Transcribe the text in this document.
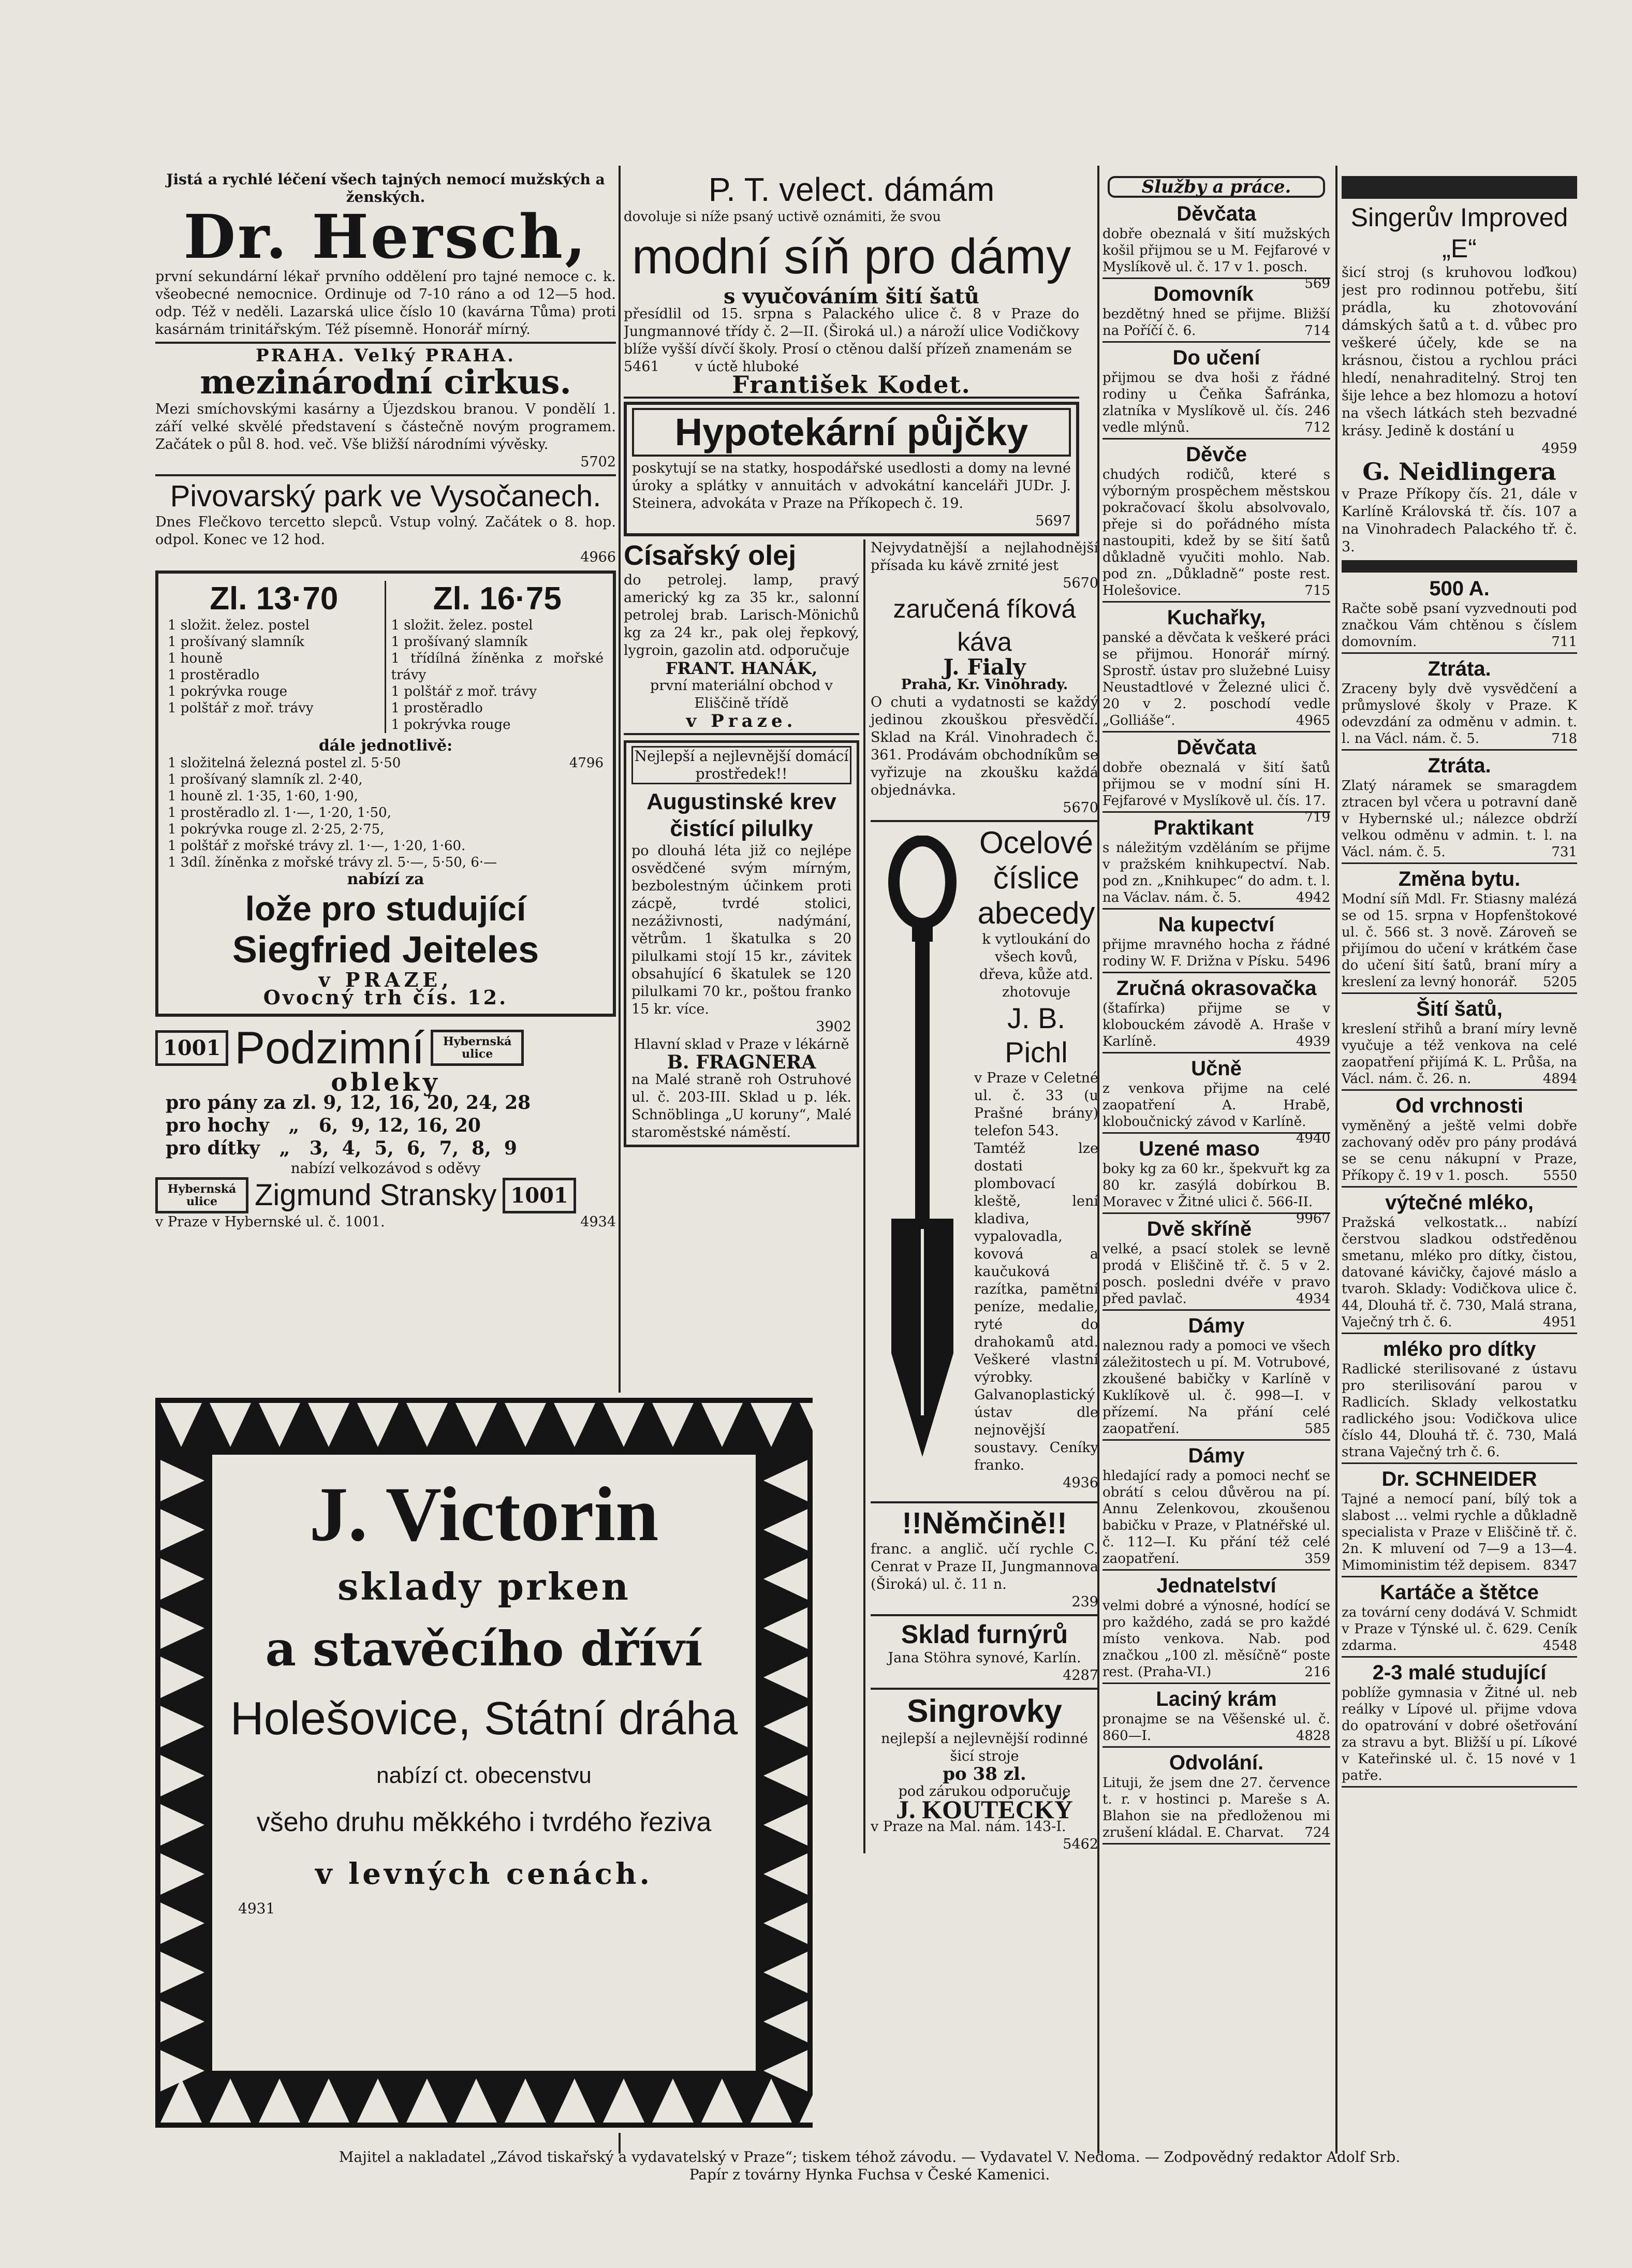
Jistá a rychlé léčení všech tajných nemocí mužských a ženských.

Dr. Hersch,

první sekundární lékař prvního oddělení pro tajné nemoce c. k. všeobecné nemocnice. Ordinuje od 7-10 ráno a od 12—5 hod. odp. Též v neděli. Lazarská ulice číslo 10 (kavárna Tůma) proti kasárnám trinitářským. Též písemně. Honorář mírný.

PRAHA. Velký PRAHA.

mezinárodní cirkus.

Mezi smíchovskými kasárny a Újezdskou branou. V pondělí 1. září velké skvělé představení s částečně novým programem. Začátek o půl 8. hod. več. Vše bližší národními vývěsky.

5702

Pivovarský park ve Vysočanech.

Dnes Flečkovo tercetto slepců. Vstup volný. Začátek o 8. hop. odpol. Konec ve 12 hod.

4966

Zl. 13·70

1 složit. želez. postel

1 prošívaný slamník

1 houně

1 prostěradlo

1 pokrývka rouge

1 polštář z moř. trávy

Zl. 16·75

1 složit. želez. postel

1 prošívaný slamník

1 třídílná žíněnka z mořské trávy

1 polštář z moř. trávy

1 prostěradlo

1 pokrývka rouge

dále jednotlivě:

1 složitelná železná postel zl. 5·50	4796

1 prošívaný slamník zl. 2·40,

1 houně zl. 1·35, 1·60, 1·90,

1 prostěradlo zl. 1·—, 1·20, 1·50,

1 pokrývka rouge zl. 2·25, 2·75,

1 polštář z mořské trávy zl. 1·—, 1·20, 1·60.

1 3díl. žíněnka z mořské trávy zl. 5·—, 5·50, 6·—

nabízí za

lože pro studující

Siegfried Jeiteles

v PRAZE,

Ovocný trh čís. 12.

1001 Podzimní	Hybernská ulice

obleky

pro pány za zl. 9, 12, 16, 20, 24, 28

pro hochy   „   6,  9, 12, 16, 20

pro dítky   „   3,  4,  5,  6,  7,  8,  9

nabízí velkozávod s oděvy

Hybernská ulice	Zigmund Stransky 1001

v Praze v Hybernské ul. č. 1001.	4934

J. Victorin

sklady prken

a stavěcího dříví

Holešovice, Státní dráha

nabízí ct. obecenstvu

všeho druhu měkkého i tvrdého řeziva

v levných cenách.

4931

P. T. velect. dámám

dovoluje si níže psaný uctivě oznámiti, že svou

modní síň pro dámy

s vyučováním šití šatů

přesídlil od 15. srpna s Palackého ulice č. 8 v Praze do Jungmannové třídy č. 2—II. (Široká ul.) a nároží ulice Vodičkovy blíže vyšší dívčí školy. Prosí o ctěnou další přízeň znamenám se

5461	v úctě hluboké

František Kodet.

Hypotekární půjčky

poskytují se na statky, hospodářské usedlosti a domy na levné úroky a splátky v annuitách v advokátní kanceláři JUDr. J. Steinera, advokáta v Praze na Příkopech č. 19.

5697

Císařský olej

do petrolej. lamp, pravý americký kg za 35 kr., salonní petrolej brab. Larisch-Mönichů kg za 24 kr., pak olej řepkový, lygroin, gazolin atd. odporučuje

FRANT. HANÁK,

první materiální obchod v Eliščině třídě

v Praze.

Nejlepší a nejlevnější domácí prostředek!!

Augustinské krev čistící pilulky

po dlouhá léta již co nejlépe osvědčené svým mírným, bezbolestným účinkem proti zácpě, tvrdé stolici, nezáživnosti, nadýmání, větrům. 1 škatulka s 20 pilulkami stojí 15 kr., závitek obsahující 6 škatulek se 120 pilulkami 70 kr., poštou franko 15 kr. více.

3902

Hlavní sklad v Praze v lékárně

B. FRAGNERA

na Malé straně roh Ostruhové ul. č. 203-III. Sklad u p. lék. Schnöblinga „U koruny“, Malé staroměstské náměstí.

Nejvydatnější a nejlahodnější přísada ku kávě zrnité jest

5670

zaručená fíková káva

J. Fialy

Praha, Kr. Vinohrady.

O chuti a vydatnosti se každý jedinou zkouškou přesvědčí. Sklad na Král. Vinohradech č. 361. Prodávám obchodníkům se vyřizuje na zkoušku každá objednávka.

5670

Ocelové

číslice

abecedy

k vytloukání do všech kovů, dřeva, kůže atd. zhotovuje

J. B. Pichl

v Praze v Celetné ul. č. 33 (u Prašné brány) telefon 543.

Tamtéž lze dostati plombovací kleště, lení kladiva, vypalovadla, kovová a kaučuková razítka, pamětní peníze, medalie, ryté do drahokamů atd. Veškeré vlastní výrobky. Galvanoplastický ústav dle nejnovější soustavy. Ceníky franko.

4936

!!Němčině!!

franc. a anglič. učí rychle C. Cenrat v Praze II, Jungmannova (Široká) ul. č. 11 n.

239

Sklad furnýrů

Jana Stöhra synové, Karlín.

4287

Singrovky

nejlepší a nejlevnější rodinné šicí stroje

po 38 zl.

pod zárukou odporučuje

J. KOUTECKÝ

v Praze na Mal. nám. 143-I.

5462

Služby a práce.

Děvčata

dobře obeznalá v šití mužských košil přijmou se u M. Fejfarové v Myslíkově ul. č. 17 v 1. posch.
569

Domovník

bezdětný hned se přijme. Bližší na Poříčí č. 6.	714

Do učení

přijmou se dva hoši z řádné rodiny u Čeňka Šafránka, zlatníka v Myslíkově ul. čís. 246 vedle mlýnů.	712

Děvče

chudých rodičů, které s výborným prospěchem městskou pokračovací školu absolvovalo, přeje si do pořádného místa nastoupiti, kdež by se šití šatů důkladně vyučiti mohlo. Nab. pod zn. „Důkladně“ poste rest. Holešovice.	715

Kuchařky,

panské a děvčata k veškeré práci se přijmou. Honorář mírný. Sprostř. ústav pro služebné Luisy Neustadtlové v Železné ulici č. 20 v 2. poschodí vedle „Golliáše“.	4965

Děvčata

dobře obeznalá v šití šatů přijmou se v modní síni H. Fejfarové v Myslíkově ul. čís. 17.
719

Praktikant

s náležitým vzděláním se přijme v pražském knihkupectví. Nab. pod zn. „Knihkupec“ do adm. t. l. na Václav. nám. č. 5.	4942

Na kupectví

přijme mravného hocha z řádné rodiny W. F. Drižna v Písku. 5496

Zručná okrasovačka

(štafírka) přijme se v klobouckém závodě A. Hraše v Karlíně.	4939

Učně

z venkova přijme na celé zaopatření A. Hrabě, kloboučnický závod v Karlíně.
4940

Uzené maso

boky kg za 60 kr., špekvuřt kg za 80 kr. zasýlá dobírkou B. Moravec v Žitné ulici č. 566-II.
9967

Dvě skříně

velké, a psací stolek se levně prodá v Eliščině tř. č. 5 v 2. posch. posledni dvéře v pravo před pavlač.	4934

Dámy

naleznou rady a pomoci ve všech záležitostech u pí. M. Votrubové, zkoušené babičky v Karlíně v Kuklíkově ul. č. 998—I. v přízemí. Na přání celé zaopatření.	585

Dámy

hledající rady a pomoci nechť se obrátí s celou důvěrou na pí. Annu Zelenkovou, zkoušenou babičku v Praze, v Platnéřské ul. č. 112—I. Ku přání též celé zaopatření.	359

Jednatelství

velmi dobré a výnosné, hodící se pro každého, zadá se pro každé místo venkova. Nab. pod značkou „100 zl. měsíčně“ poste rest. (Praha-VI.)	216

Laciný krám

pronajme se na Věšenské ul. č. 860—I.	4828

Odvolání.

Lituji, že jsem dne 27. července t. r. v hostinci p. Mareše s A. Blahon sie na předloženou mi zrušení kládal. E. Charvat. 724

Singerův Improved „E“

šicí stroj (s kruhovou loďkou) jest pro rodinnou potřebu, šití prádla, ku zhotovování dámských šatů a t. d. vůbec pro veškeré účely, kde se na krásnou, čistou a rychlou práci hledí, nenahraditelný. Stroj ten šije lehce a bez hlomozu a hotoví na všech látkách steh bezvadné krásy. Jedině k dostání u

4959

G. Neidlingera

v Praze Příkopy čís. 21, dále v Karlíně Královská tř. čís. 107 a na Vinohradech Palackého tř. č. 3.

500 A.

Račte sobě psaní vyzvednouti pod značkou Vám chtěnou s číslem domovním.	711

Ztráta.

Zraceny byly dvě vysvědčení a průmyslové školy v Praze. K odevzdání za odměnu v admin. t. l. na Václ. nám. č. 5.	718

Ztráta.

Zlatý náramek se smaragdem ztracen byl včera u potravní daně v Hybernské ul.; nálezce obdrží velkou odměnu v admin. t. l. na Václ. nám. č. 5.	731

Změna bytu.

Modní síň Mdl. Fr. Stiasny malézá se od 15. srpna v Hopfenštokové ul. č. 566 st. 3 nově. Zároveň se přijímou do učení v krátkém čase do učení šití šatů, braní míry a kreslení za levný honorář. 5205

Šití šatů,

kreslení střihů a braní míry levně vyučuje a též venkova na celé zaopatření přijímá K. L. Průša, na Václ. nám. č. 26. n.	4894

Od vrchnosti

vyměněný a ještě velmi dobře zachovaný oděv pro pány prodává se se cenu nákupní v Praze, Příkopy č. 19 v 1. posch.	5550

výtečné mléko,

Pražská velkostatk... nabízí čerstvou sladkou odstředěnou smetanu, mléko pro dítky, čistou, datované kávičky, čajové máslo a tvaroh. Sklady: Vodičkova ulice č. 44, Dlouhá tř. č. 730, Malá strana, Vaječný trh č. 6.	4951

mléko pro dítky

Radlické sterilisované z ústavu pro sterilisování parou v Radlicích. Sklady velkostatku radlického jsou: Vodičkova ulice číslo 44, Dlouhá tř. č. 730, Malá strana Vaječný trh č. 6.

Dr. SCHNEIDER

Tajné a nemocí paní, bílý tok a slabost ... velmi rychle a důkladně specialista v Praze v Eliščině tř. č. 2n. K mluvení od 7—9 a 13—4. Mimoministim též depisem. 8347

Kartáče a štětce

za tovární ceny dodává V. Schmidt v Praze v Týnské ul. č. 629. Ceník zdarma.	4548

2-3 malé studující

poblíže gymnasia v Žitné ul. neb reálky v Lípové ul. přijme vdova do opatrování v dobré ošetřování za stravu a byt. Bližší u pí. Líkové v Kateřinské ul. č. 15 nové v 1 patře.

Majitel a nakladatel „Závod tiskařský a vydavatelský v Praze“; tiskem téhož závodu. — Vydavatel V. Nedoma. — Zodpovědný redaktor Adolf Srb.

Papír z továrny Hynka Fuchsa v České Kamenici.
